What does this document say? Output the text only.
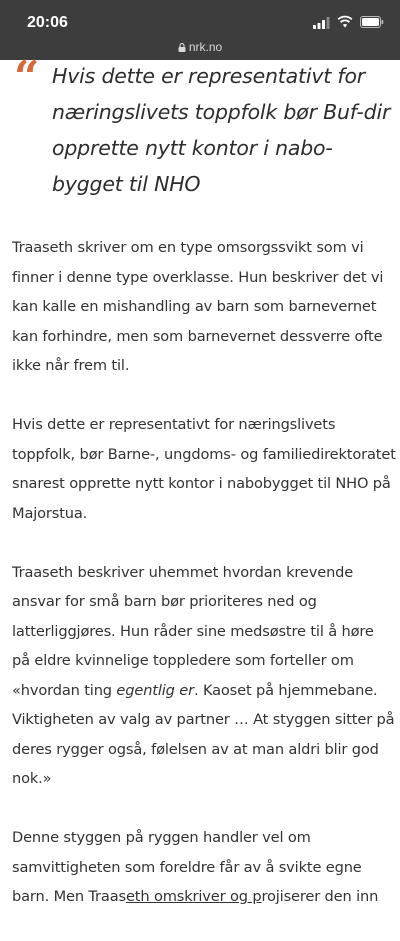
20:06
nrk.no
“ Hvis dette er representativt for næringslivets toppfolk bør Buf-dir opprette nytt kontor i nabo-bygget til NHO

Traaseth skriver om en type omsorgssvikt som vi finner i denne type overklasse. Hun beskriver det vi kan kalle en mishandling av barn som barnevernet kan forhindre, men som barnevernet dessverre ofte ikke når frem til.

Hvis dette er representativt for næringslivets toppfolk, bør Barne-, ungdoms- og familiedirektoratet snarest opprette nytt kontor i nabobygget til NHO på Majorstua.

Traaseth beskriver uhemmet hvordan krevende ansvar for små barn bør prioriteres ned og latterliggjøres. Hun råder sine medsøstre til å høre på eldre kvinnelige toppledere som forteller om «hvordan ting egentlig er. Kaoset på hjemmebane. Viktigheten av valg av partner … At styggen sitter på deres rygger også, følelsen av at man aldri blir god nok.»

Denne styggen på ryggen handler vel om samvittigheten som foreldre får av å svikte egne barn. Men Traaseth omskriver og projiserer den inn
